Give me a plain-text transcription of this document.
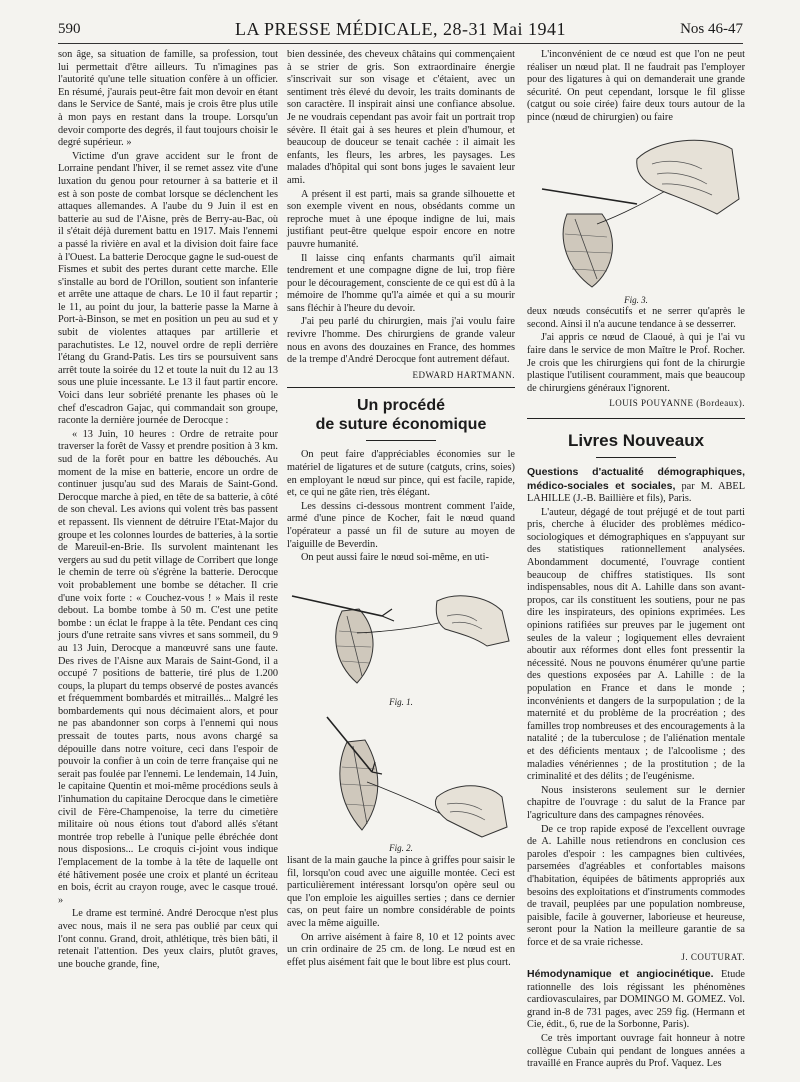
590	LA PRESSE MÉDICALE, 28-31 Mai 1941	Nos 46-47

son âge, sa situation de famille, sa profession, tout lui permettait d'être ailleurs. Tu n'imagines pas l'autorité qu'une telle situation confère à un officier. En résumé, j'aurais peut-être fait mon devoir en étant dans le Service de Santé, mais je crois être plus utile à mon pays en restant dans la troupe. Lorsqu'un devoir comporte des degrés, il faut toujours choisir le degré supérieur. »

Victime d'un grave accident sur le front de Lorraine pendant l'hiver, il se remet assez vite d'une luxation du genou pour retourner à sa batterie et il est à son poste de combat lorsque se déclenchent les attaques allemandes. A l'aube du 9 Juin il est en batterie au sud de l'Aisne, près de Berry-au-Bac, où il s'était déjà durement battu en 1917. Mais l'ennemi a passé la rivière en aval et la division doit faire face à l'Ouest. La batterie Derocque gagne le sud-ouest de Fismes et subit des pertes durant cette marche. Elle s'installe au bord de l'Orillon, soutient son infanterie et arrête une attaque de chars. Le 10 il faut repartir ; le 11, au point du jour, la batterie passe la Marne à Port-à-Binson, se met en position un peu au sud et y subit de violentes attaques par artillerie et parachutistes. Le 12, nouvel ordre de repli derrière l'étang du Grand-Patis. Les tirs se poursuivent sans arrêt toute la soirée du 12 et toute la nuit du 12 au 13 sous une pluie incessante. Le 13 il faut partir encore. Voici dans leur sobriété prenante les phases où le chef d'escadron Gajac, qui commandait son groupe, raconte la dernière journée de Derocque :

« 13 Juin, 10 heures : Ordre de retraite pour traverser la forêt de Vassy et prendre position à 3 km. sud de la forêt pour en battre les débouchés. Au moment de la mise en batterie, encore un ordre de continuer jusqu'au sud des Marais de Saint-Gond. Derocque marche à pied, en tête de sa batterie, à côté de son cheval. Les avions qui volent très bas passent et repassent. Ils viennent de détruire l'Etat-Major du groupe et les colonnes lourdes de batteries, à la sortie de Mareuil-en-Brie. Ils survolent maintenant les vergers au sud du petit village de Corribert que longe le chemin de terre où s'égrène la batterie. Derocque voit probablement une bombe se détacher. Il crie d'une voix forte : « Couchez-vous ! » Mais il reste debout. La bombe tombe à 50 m. C'est une petite bombe : un éclat le frappe à la tête. Pendant ces cinq jours d'une retraite sans vivres et sans sommeil, du 9 au 13 Juin, Derocque a manœuvré sans une faute. Des rives de l'Aisne aux Marais de Saint-Gond, il a occupé 7 positions de batterie, tiré plus de 1.200 coups, la plupart du temps observé de postes avancés et fréquemment bombardés et mitraillés... Malgré les bombardements qui nous décimaient alors, et pour ne pas abandonner son corps à l'ennemi qui nous pressait de toutes parts, nous avons chargé sa dépouille dans notre voiture, ceci dans l'espoir de pouvoir la confier à un coin de terre française qui ne serait pas foulée par l'ennemi. Le lendemain, 14 Juin, le capitaine Quentin et moi-même procédions seuls à l'inhumation du capitaine Derocque dans le cimetière civil de Fère-Champenoise, la terre du cimetière militaire où nous étions tout d'abord allés s'étant montrée trop rebelle à l'unique pelle ébréchée dont nous disposions... Le croquis ci-joint vous indique l'emplacement de la tombe à la tête de laquelle ont été hâtivement posée une croix et planté un écriteau en bois, écrit au crayon rouge, avec le casque troué. »

Le drame est terminé. André Derocque n'est plus avec nous, mais il ne sera pas oublié par ceux qui l'ont connu. Grand, droit, athlétique, très bien bâti, il retenait l'attention. Des yeux clairs, plutôt graves, une bouche grande, fine,

bien dessinée, des cheveux châtains qui commençaient à se strier de gris. Son extraordinaire énergie s'inscrivait sur son visage et c'étaient, avec un sentiment très élevé du devoir, les traits dominants de son caractère. Il inspirait ainsi une confiance absolue. Je ne voudrais cependant pas avoir fait un portrait trop sévère. Il était gai à ses heures et plein d'humour, et beaucoup de douceur se tenait cachée : il aimait les enfants, les fleurs, les arbres, les paysages. Les malades d'hôpital qui sont bons juges le savaient leur ami.

A présent il est parti, mais sa grande silhouette et son exemple vivent en nous, obsédants comme un reproche muet à une époque indigne de lui, mais justifiant peut-être quelque espoir encore en notre pauvre humanité.

Il laisse cinq enfants charmants qu'il aimait tendrement et une compagne digne de lui, trop fière pour le découragement, consciente de ce qui est dû à la mémoire de l'homme qu'l'a aimée et qui a su mourir sans fléchir à l'heure du devoir.

J'ai peu parlé du chirurgien, mais j'ai voulu faire revivre l'homme. Des chirurgiens de grande valeur nous en avons des douzaines en France, des hommes de la trempe d'André Derocque font autrement défaut.

EDWARD HARTMANN.
Un procédé
de suture économique

On peut faire d'appréciables économies sur le matériel de ligatures et de suture (catguts, crins, soies) en employant le nœud sur pince, qui est facile, rapide, et, ce qui ne gâte rien, très élégant.

Les dessins ci-dessous montrent comment l'aide, armé d'une pince de Kocher, fait le nœud quand l'opérateur a passé un fil de suture au moyen de l'aiguille de Beverdin.

On peut aussi faire le nœud soi-même, en uti-

Fig. 1.
Fig. 2.

lisant de la main gauche la pince à griffes pour saisir le fil, lorsqu'on coud avec une aiguille montée. Ceci est particulièrement intéressant lorsqu'on opère seul ou que l'on emploie les aiguilles serties ; dans ce dernier cas, on peut faire un nombre considérable de points avec la même aiguille.

On arrive aisément à faire 8, 10 et 12 points avec un crin ordinaire de 25 cm. de long. Le nœud est en effet plus aisément fait que le bout libre est plus court.

L'inconvénient de ce nœud est que l'on ne peut réaliser un nœud plat. Il ne faudrait pas l'employer pour des ligatures à qui on demanderait une grande sécurité. On peut cependant, lorsque le fil glisse (catgut ou soie cirée) faire deux tours autour de la pince (nœud de chirurgien) ou faire

Fig. 3.

deux nœuds consécutifs et ne serrer qu'après le second. Ainsi il n'a aucune tendance à se desserrer.

J'ai appris ce nœud de Claoué, à qui je l'ai vu faire dans le service de mon Maître le Prof. Rocher. Je crois que les chirurgiens qui font de la chirurgie plastique l'utilisent couramment, mais que beaucoup de chirurgiens généraux l'ignorent.

LOUIS POUYANNE (Bordeaux).
Livres Nouveaux

Questions d'actualité démographiques, médico-sociales et sociales, par M. ABEL LAHILLE (J.-B. Baillière et fils), Paris.

L'auteur, dégagé de tout préjugé et de tout parti pris, cherche à élucider des problèmes médico-sociologiques et démographiques en s'appuyant sur des statistiques rationnellement analysées. Abondamment documenté, l'ouvrage contient beaucoup de chiffres statistiques. Ils sont indispensables, nous dit A. Lahille dans son avant-propos, car ils constituent les soutiens, pour ne pas dire les inspirateurs, des opinions exprimées. Les opinions ratifiées sur preuves par le jugement ont seules de la valeur ; logiquement elles devraient aboutir aux réformes dont elles font pressentir la nécessité. Nous ne pouvons énumérer qu'une partie des questions exposées par A. Lahille : de la population en France et dans le monde ; inconvénients et dangers de la surpopulation ; de la maternité et du problème de la procréation ; des familles trop nombreuses et des encouragements à la natalité ; de la tuberculose ; de l'aliénation mentale et des déficients mentaux ; de l'alcoolisme ; des maladies vénériennes ; de la prostitution ; de la criminalité et des délits ; de l'eugénisme.

Nous insisterons seulement sur le dernier chapitre de l'ouvrage : du salut de la France par l'agriculture dans des campagnes rénovées.

De ce trop rapide exposé de l'excellent ouvrage de A. Lahille nous retiendrons en conclusion ces paroles d'espoir : les campagnes bien cultivées, parsemées d'agréables et confortables maisons d'habitation, équipées de bâtiments appropriés aux besoins des exploitations et d'instruments commodes de travail, peuplées par une population nombreuse, paisible, facile à gouverner, laborieuse et heureuse, seront pour la Nation la meilleure garantie de sa force et de sa vraie richesse.

J. COUTURAT.

Hémodynamique et angiocinétique. Etude rationnelle des lois régissant les phénomènes cardiovasculaires, par DOMINGO M. GOMEZ. Vol. grand in-8 de 731 pages, avec 259 fig. (Hermann et Cie, édit., 6, rue de la Sorbonne, Paris).

Ce très important ouvrage fait honneur à notre collègue Cubain qui pendant de longues années a travaillé en France auprès du Prof. Vaquez. Les
